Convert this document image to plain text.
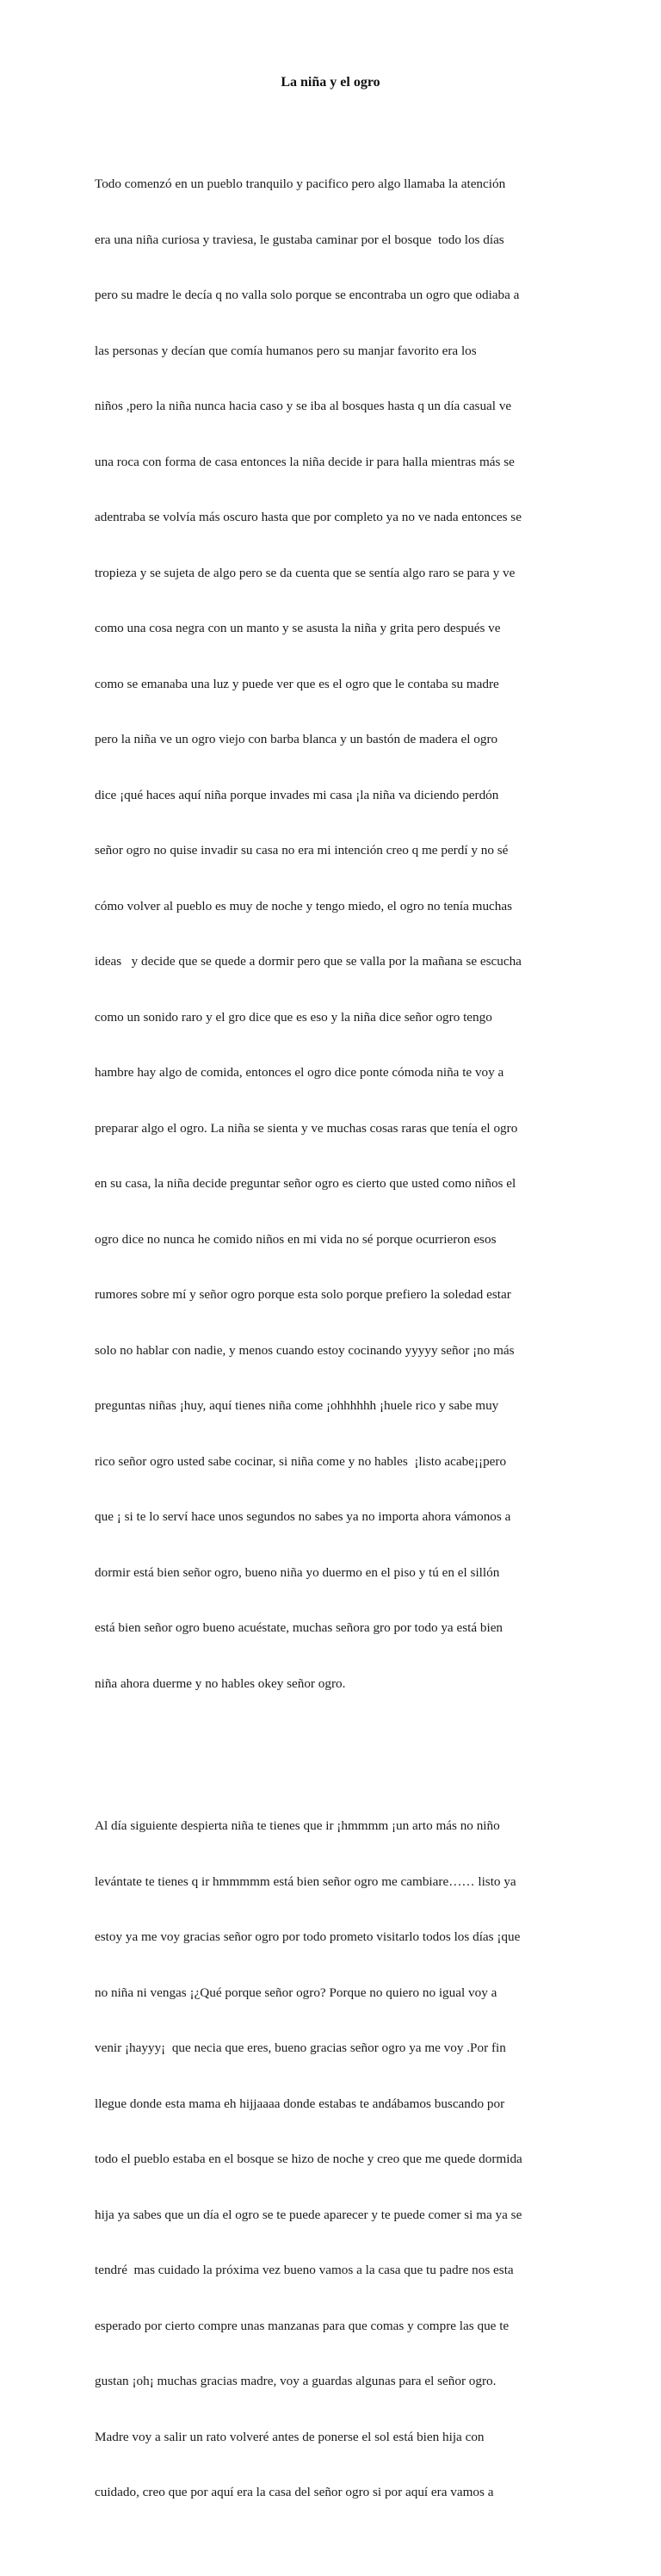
La niña y el ogro

Todo comenzó en un pueblo tranquilo y pacifico pero algo llamaba la atención

era una niña curiosa y traviesa, le gustaba caminar por el bosque  todo los días

pero su madre le decía q no valla solo porque se encontraba un ogro que odiaba a

las personas y decían que comía humanos pero su manjar favorito era los

niños ,pero la niña nunca hacia caso y se iba al bosques hasta q un día casual ve

una roca con forma de casa entonces la niña decide ir para halla mientras más se

adentraba se volvía más oscuro hasta que por completo ya no ve nada entonces se

tropieza y se sujeta de algo pero se da cuenta que se sentía algo raro se para y ve

como una cosa negra con un manto y se asusta la niña y grita pero después ve

como se emanaba una luz y puede ver que es el ogro que le contaba su madre

pero la niña ve un ogro viejo con barba blanca y un bastón de madera el ogro

dice ¡qué haces aquí niña porque invades mi casa ¡la niña va diciendo perdón

señor ogro no quise invadir su casa no era mi intención creo q me perdí y no sé

cómo volver al pueblo es muy de noche y tengo miedo, el ogro no tenía muchas

ideas   y decide que se quede a dormir pero que se valla por la mañana se escucha

como un sonido raro y el gro dice que es eso y la niña dice señor ogro tengo

hambre hay algo de comida, entonces el ogro dice ponte cómoda niña te voy a

preparar algo el ogro. La niña se sienta y ve muchas cosas raras que tenía el ogro

en su casa, la niña decide preguntar señor ogro es cierto que usted como niños el

ogro dice no nunca he comido niños en mi vida no sé porque ocurrieron esos

rumores sobre mí y señor ogro porque esta solo porque prefiero la soledad estar

solo no hablar con nadie, y menos cuando estoy cocinando yyyyy señor ¡no más

preguntas niñas ¡huy, aquí tienes niña come ¡ohhhhhh ¡huele rico y sabe muy

rico señor ogro usted sabe cocinar, si niña come y no hables  ¡listo acabe¡¡pero

que ¡ si te lo serví hace unos segundos no sabes ya no importa ahora vámonos a

dormir está bien señor ogro, bueno niña yo duermo en el piso y tú en el sillón

está bien señor ogro bueno acuéstate, muchas señora gro por todo ya está bien

niña ahora duerme y no hables okey señor ogro.

Al día siguiente despierta niña te tienes que ir ¡hmmmm ¡un arto más no niño

levántate te tienes q ir hmmmmm está bien señor ogro me cambiare…… listo ya

estoy ya me voy gracias señor ogro por todo prometo visitarlo todos los días ¡que

no niña ni vengas ¡¿Qué porque señor ogro? Porque no quiero no igual voy a

venir ¡hayyy¡  que necia que eres, bueno gracias señor ogro ya me voy .Por fin

llegue donde esta mama eh hijjaaaa donde estabas te andábamos buscando por

todo el pueblo estaba en el bosque se hizo de noche y creo que me quede dormida

hija ya sabes que un día el ogro se te puede aparecer y te puede comer si ma ya se

tendré  mas cuidado la próxima vez bueno vamos a la casa que tu padre nos esta

esperado por cierto compre unas manzanas para que comas y compre las que te

gustan ¡oh¡ muchas gracias madre, voy a guardas algunas para el señor ogro.

Madre voy a salir un rato volveré antes de ponerse el sol está bien hija con

cuidado, creo que por aquí era la casa del señor ogro si por aquí era vamos a
